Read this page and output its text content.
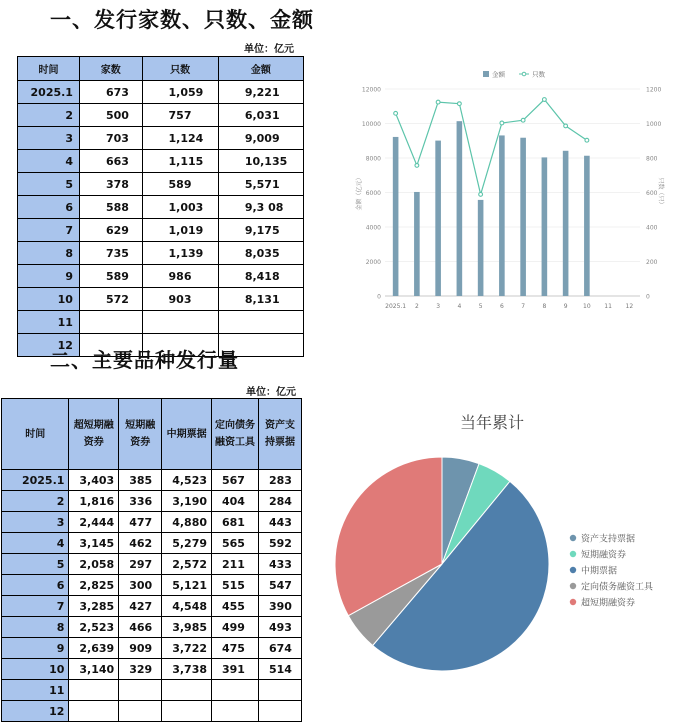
一、发行家数、只数、金额
单位：亿元
时间	家数	只数	金额
2025.1	673	1,059	9,221
2	500	757	6,031
3	703	1,124	9,009
4	663	1,115	10,135
5	378	589	5,571
6	588	1,003	9,3 08
7	629	1,019	9,175
8	735	1,139	8,035
9	589	986	8,418
10	572	903	8,131
11			
12			
二、主要品种发行量
单位：亿元
时间	超短期融资券	短期融资券	中期票据	定向债务融资工具	资产支持票据
2025.1	3,403	385	4,523	567	283
2	1,816	336	3,190	404	284
3	2,444	477	4,880	681	443
4	3,145	462	5,279	565	592
5	2,058	297	2,572	211	433
6	2,825	300	5,121	515	547
7	3,285	427	4,548	455	390
8	2,523	466	3,985	499	493
9	2,639	909	3,722	475	674
10	3,140	329	3,738	391	514
11					
12					
0
2000
4000
6000
8000
10000
12000
0
200
400
600
800
1000
1200
金额（亿元）	只数（只）
2025.1 2	3	4	5	6	7	8	9	10 11 12
金额	只数
当年累计
资产支持票据
短期融资券
中期票据
定向债务融资工具
超短期融资券
